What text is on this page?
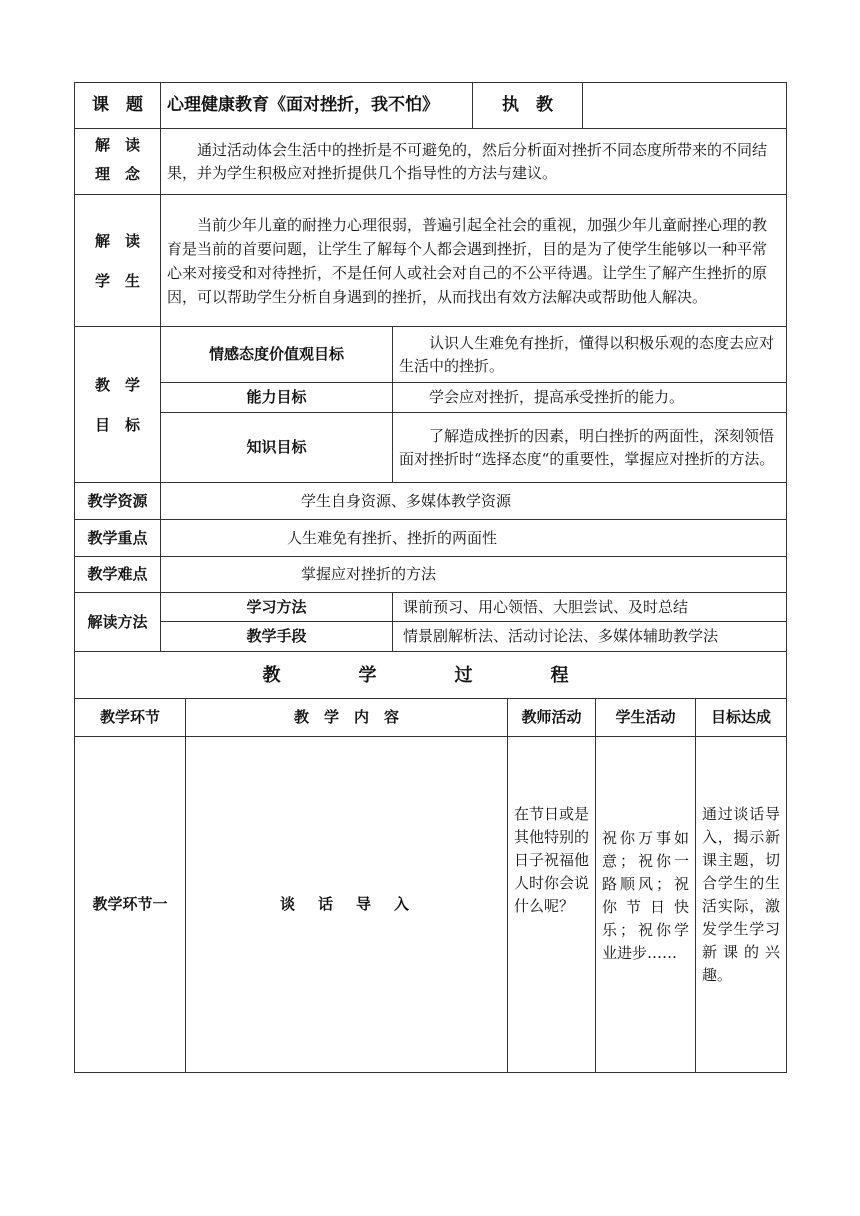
课　题	心理健康教育《面对挫折，我不怕》	执　教	

解　读
理　念	通过活动体会生活中的挫折是不可避免的，然后分析面对挫折不同态度所带来的不同结果，并为学生积极应对挫折提供几个指导性的方法与建议。		

解　读
学　生	当前少年儿童的耐挫力心理很弱，普遍引起全社会的重视，加强少年儿童耐挫心理的教育是当前的首要问题，让学生了解每个人都会遇到挫折，目的是为了使学生能够以一种平常心来对接受和对待挫折，不是任何人或社会对自己的不公平待遇。让学生了解产生挫折的原因，可以帮助学生分析自身遇到的挫折，从而找出有效方法解决或帮助他人解决。		
教　学
目　标	情感态度价值观目标	认识人生难免有挫折，懂得以积极乐观的态度去应对生活中的挫折。
	能力目标	学会应对挫折，提高承受挫折的能力。
	知识目标	了解造成挫折的因素，明白挫折的两面性，深刻领悟面对挫折时“选择态度“的重要性，掌握应对挫折的方法。
教学资源	学生自身资源、多媒体教学资源	
教学重点	人生难免有挫折、挫折的两面性	
教学难点	掌握应对挫折的方法	
解读方法	学习方法	课前预习、用心领悟、大胆尝试、及时总结
	教学手段	情景剧解析法、活动讨论法、多媒体辅助教学法
教　学　过　程				
教学环节	教　学　内　容	教师活动	学生活动	目标达成
教学环节一	谈　话　导　入	在节日或是其他特别的日子祝福他人时你会说什么呢？	祝你万事如意；祝你一路顺风；祝你节日快乐；祝你学业进步……	通过谈话导入，揭示新课主题，切合学生的生活实际，激发学生学习新课的兴趣。
